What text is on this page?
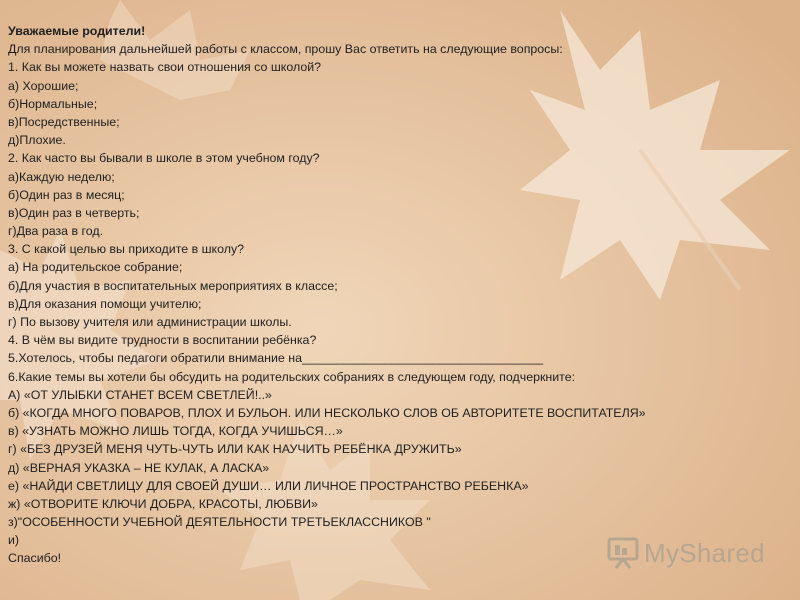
Уважаемые родители!
Для планирования дальнейшей работы с классом, прошу Вас ответить на следующие вопросы:
1. Как вы можете назвать свои отношения со школой?
а) Хорошие;
б)Нормальные;
в)Посредственные;
д)Плохие.
2. Как часто вы бывали в школе в этом учебном году?
а)Каждую неделю;
б)Один раз в месяц;
в)Один раз в четверть;
г)Два раза в год.
3. С какой целью вы приходите в школу?
а) На родительское собрание;
б)Для участия в воспитательных мероприятиях в классе;
в)Для оказания помощи учителю;
г) По вызову учителя или администрации школы.
4. В чём вы видите трудности в воспитании ребёнка?
5.Хотелось, чтобы педагоги обратили внимание на___________________________________
6.Какие темы вы хотели бы обсудить на родительских собраниях в следующем году, подчеркните:
А) «ОТ УЛЫБКИ СТАНЕТ ВСЕМ СВЕТЛЕЙ!..»
б) «КОГДА МНОГО ПОВАРОВ, ПЛОХ И БУЛЬОН. ИЛИ НЕСКОЛЬКО СЛОВ ОБ АВТОРИТЕТЕ ВОСПИТАТЕЛЯ»
в) «УЗНАТЬ МОЖНО ЛИШЬ ТОГДА, КОГДА УЧИШЬСЯ…»
г) «БЕЗ ДРУЗЕЙ МЕНЯ ЧУТЬ-ЧУТЬ ИЛИ КАК НАУЧИТЬ РЕБЁНКА ДРУЖИТЬ»
д) «ВЕРНАЯ УКАЗКА – НЕ КУЛАК, А ЛАСКА»
е) «НАЙДИ СВЕТЛИЦУ ДЛЯ СВОЕЙ ДУШИ… ИЛИ ЛИЧНОЕ ПРОСТРАНСТВО РЕБЕНКА»
ж) «ОТВОРИТЕ КЛЮЧИ ДОБРА, КРАСОТЫ, ЛЮБВИ»
з)"ОСОБЕННОСТИ УЧЕБНОЙ ДЕЯТЕЛЬНОСТИ ТРЕТЬЕКЛАССНИКОВ "
и)
Спасибо!	MyShared
